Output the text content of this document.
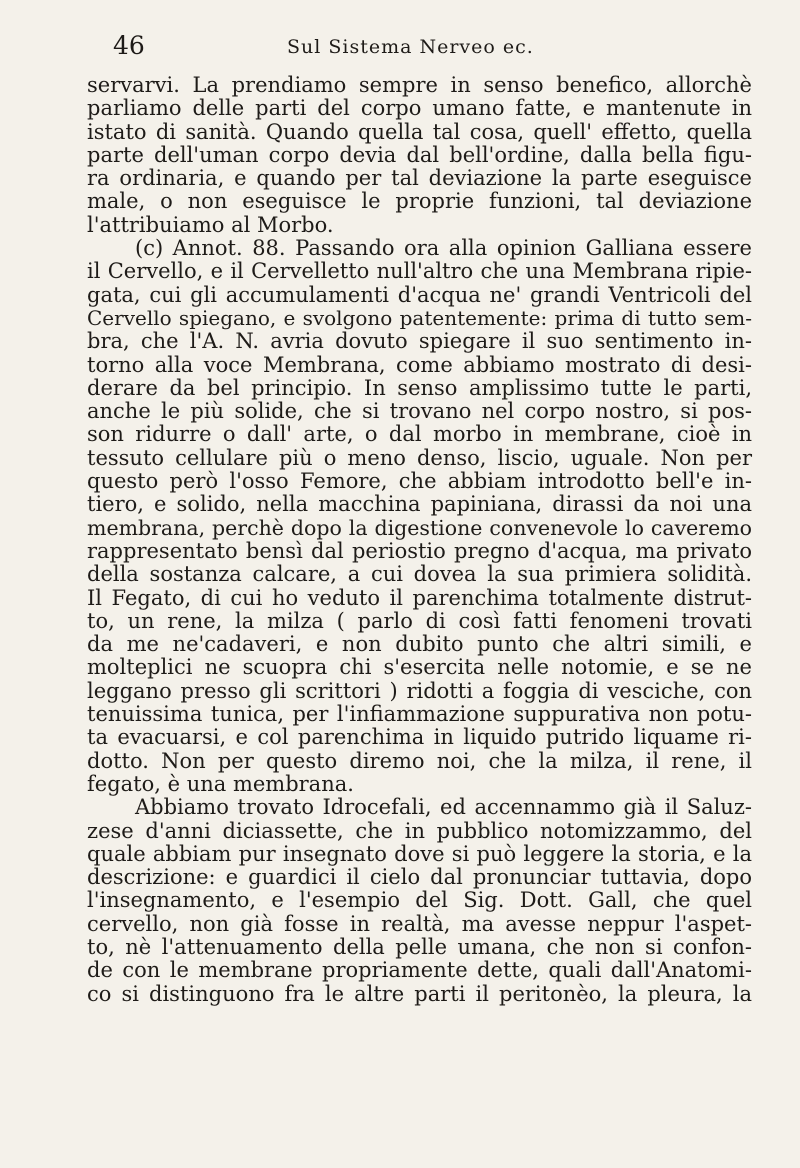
46	Sul Sistema Nerveo ec.
servarvi. La prendiamo sempre in senso benefico, allorchè
parliamo delle parti del corpo umano fatte, e mantenute in
istato di sanità. Quando quella tal cosa, quell' effetto, quella
parte dell'uman corpo devia dal bell'ordine, dalla bella figu-
ra ordinaria, e quando per tal deviazione la parte eseguisce
male, o non eseguisce le proprie funzioni, tal deviazione
l'attribuiamo al Morbo.
(c) Annot. 88. Passando ora alla opinion Galliana essere
il Cervello, e il Cervelletto null'altro che una Membrana ripie-
gata, cui gli accumulamenti d'acqua ne' grandi Ventricoli del
Cervello spiegano, e svolgono patentemente: prima di tutto sem-
bra, che l'A. N. avria dovuto spiegare il suo sentimento in-
torno alla voce Membrana, come abbiamo mostrato di desi-
derare da bel principio. In senso amplissimo tutte le parti,
anche le più solide, che si trovano nel corpo nostro, si pos-
son ridurre o dall' arte, o dal morbo in membrane, cioè in
tessuto cellulare più o meno denso, liscio, uguale. Non per
questo però l'osso Femore, che abbiam introdotto bell'e in-
tiero, e solido, nella macchina papiniana, dirassi da noi una
membrana, perchè dopo la digestione convenevole lo caveremo
rappresentato bensì dal periostio pregno d'acqua, ma privato
della sostanza calcare, a cui dovea la sua primiera solidità.
Il Fegato, di cui ho veduto il parenchima totalmente distrut-
to, un rene, la milza ( parlo di così fatti fenomeni trovati
da me ne'cadaveri, e non dubito punto che altri simili, e
molteplici ne scuopra chi s'esercita nelle notomie, e se ne
leggano presso gli scrittori ) ridotti a foggia di vesciche, con
tenuissima tunica, per l'infiammazione suppurativa non potu-
ta evacuarsi, e col parenchima in liquido putrido liquame ri-
dotto. Non per questo diremo noi, che la milza, il rene, il
fegato, è una membrana.
Abbiamo trovato Idrocefali, ed accennammo già il Saluz-
zese d'anni diciassette, che in pubblico notomizzammo, del
quale abbiam pur insegnato dove si può leggere la storia, e la
descrizione: e guardici il cielo dal pronunciar tuttavia, dopo
l'insegnamento, e l'esempio del Sig. Dott. Gall, che quel
cervello, non già fosse in realtà, ma avesse neppur l'aspet-
to, nè l'attenuamento della pelle umana, che non si confon-
de con le membrane propriamente dette, quali dall'Anatomi-
co si distinguono fra le altre parti il peritonèo, la pleura, la
